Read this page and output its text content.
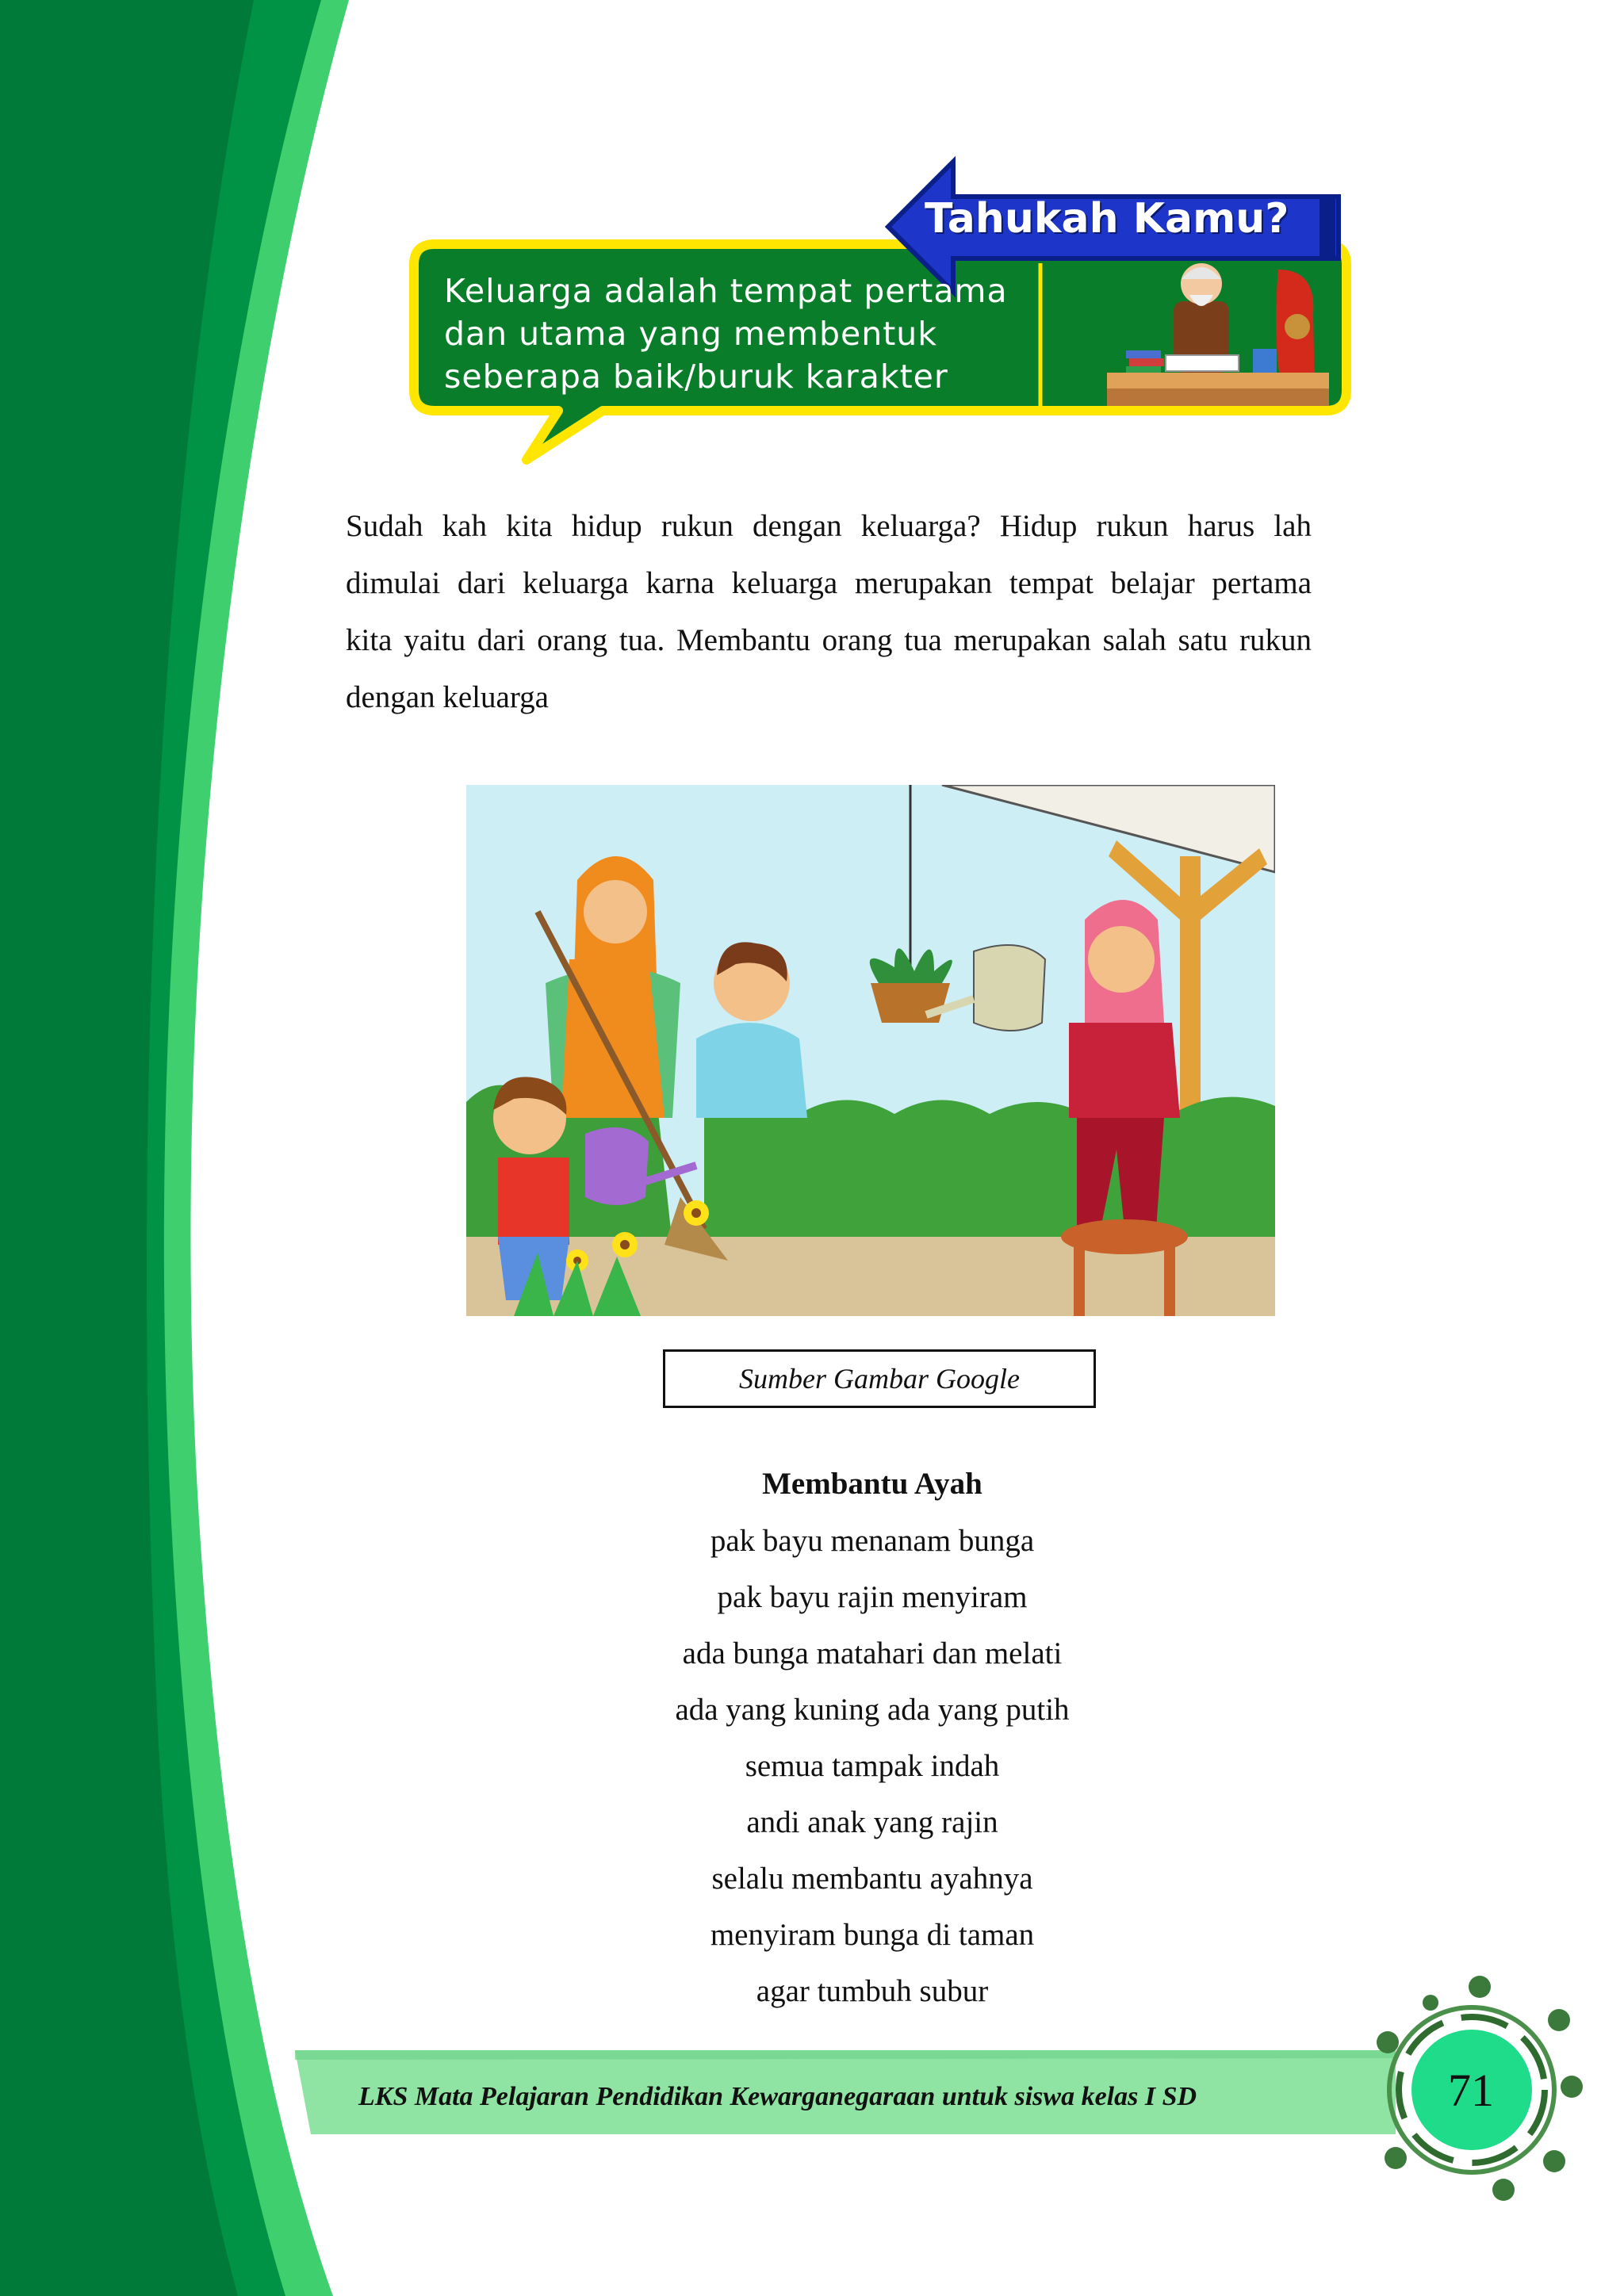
Tahukah Kamu?
Keluarga adalah tempat pertama
dan utama yang membentuk
seberapa baik/buruk karakter
Sudah kah kita hidup rukun dengan keluarga? Hidup rukun harus lah
dimulai dari keluarga karna keluarga merupakan tempat belajar pertama
kita yaitu dari orang tua. Membantu orang tua merupakan salah satu rukun
dengan keluarga
Sumber Gambar Google
Membantu Ayah
pak bayu menanam bunga
pak bayu rajin menyiram
ada bunga matahari dan melati
ada yang kuning ada yang putih
semua tampak indah
andi anak yang rajin
selalu membantu ayahnya
menyiram bunga di taman
agar tumbuh subur
LKS Mata Pelajaran Pendidikan Kewarganegaraan untuk siswa kelas I SD	71
